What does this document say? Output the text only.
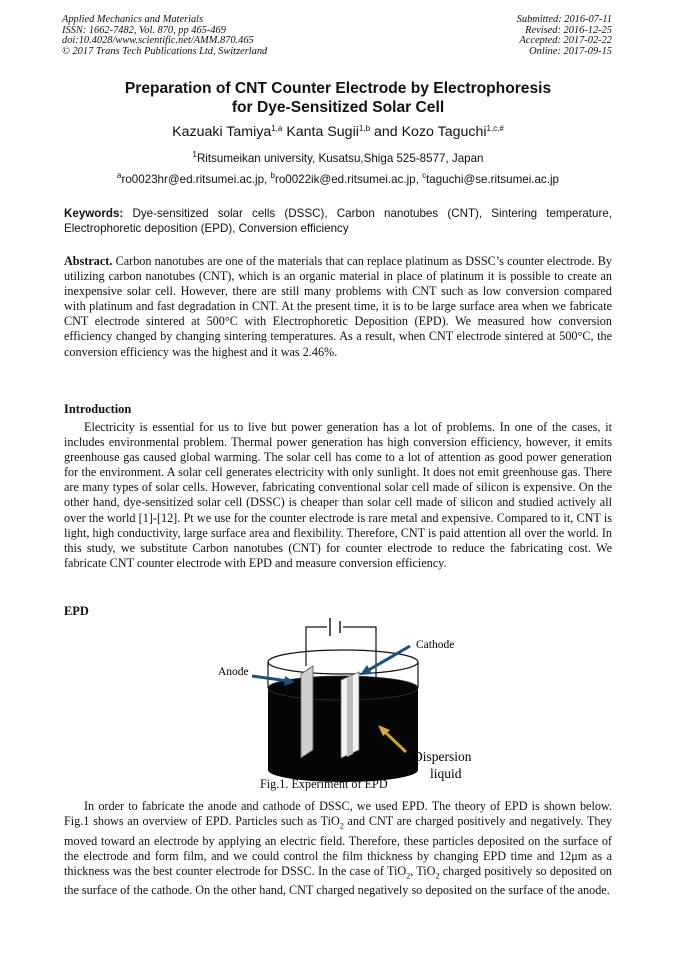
Applied Mechanics and Materials
ISSN: 1662-7482, Vol. 870, pp 465-469
doi:10.4028/www.scientific.net/AMM.870.465
© 2017 Trans Tech Publications Ltd, Switzerland
Submitted: 2016-07-11
Revised: 2016-12-25
Accepted: 2017-02-22
Online: 2017-09-15
Preparation of CNT Counter Electrode by Electrophoresis
for Dye-Sensitized Solar Cell
Kazuaki Tamiya$^{1,a}$ Kanta Sugii$^{1,b}$ and Kozo Taguchi$^{1,c,\#}$
$^1$Ritsumeikan university, Kusatsu,Shiga 525-8577, Japan
$^a$ro0023hr@ed.ritsumei.ac.jp, $^b$ro0022ik@ed.ritsumei.ac.jp, $^c$taguchi@se.ritsumei.ac.jp
Keywords: Dye-sensitized solar cells (DSSC), Carbon nanotubes (CNT), Sintering temperature, Electrophoretic deposition (EPD), Conversion efficiency
Abstract. Carbon nanotubes are one of the materials that can replace platinum as DSSC’s counter electrode. By utilizing carbon nanotubes (CNT), which is an organic material in place of platinum it is possible to create an inexpensive solar cell. However, there are still many problems with CNT such as low conversion compared with platinum and fast degradation in CNT. At the present time, it is to be large surface area when we fabricate CNT electrode sintered at 500°C with Electrophoretic Deposition (EPD). We measured how conversion efficiency changed by changing sintering temperatures. As a result, when CNT electrode sintered at 500°C, the conversion efficiency was the highest and it was 2.46%.
Introduction
Electricity is essential for us to live but power generation has a lot of problems. In one of the cases, it includes environmental problem. Thermal power generation has high conversion efficiency, however, it emits greenhouse gas caused global warming. The solar cell has come to a lot of attention as good power generation for the environment. A solar cell generates electricity with only sunlight. It does not emit greenhouse gas. There are many types of solar cells. However, fabricating conventional solar cell made of silicon is expensive. On the other hand, dye-sensitized solar cell (DSSC) is cheaper than solar cell made of silicon and studied actively all over the world [1]-[12]. Pt we use for the counter electrode is rare metal and expensive. Compared to it, CNT is light, high conductivity, large surface area and flexibility. Therefore, CNT is paid attention all over the world. In this study, we substitute Carbon nanotubes (CNT) for counter electrode to reduce the fabricating cost. We fabricate CNT counter electrode with EPD and measure conversion efficiency.
EPD
Cathode
Anode
Dispersion
liquid
Fig.1. Experiment of EPD
In order to fabricate the anode and cathode of DSSC, we used EPD. The theory of EPD is shown below. Fig.1 shows an overview of EPD. Particles such as TiO$_2$ and CNT are charged positively and negatively. They moved toward an electrode by applying an electric field. Therefore, these particles deposited on the surface of the electrode and form film, and we could control the film thickness by changing EPD time and 12μm as a thickness was the best counter electrode for DSSC. In the case of TiO$_2$, TiO$_2$ charged positively so deposited on the surface of the cathode. On the other hand, CNT charged negatively so deposited on the surface of the anode.
